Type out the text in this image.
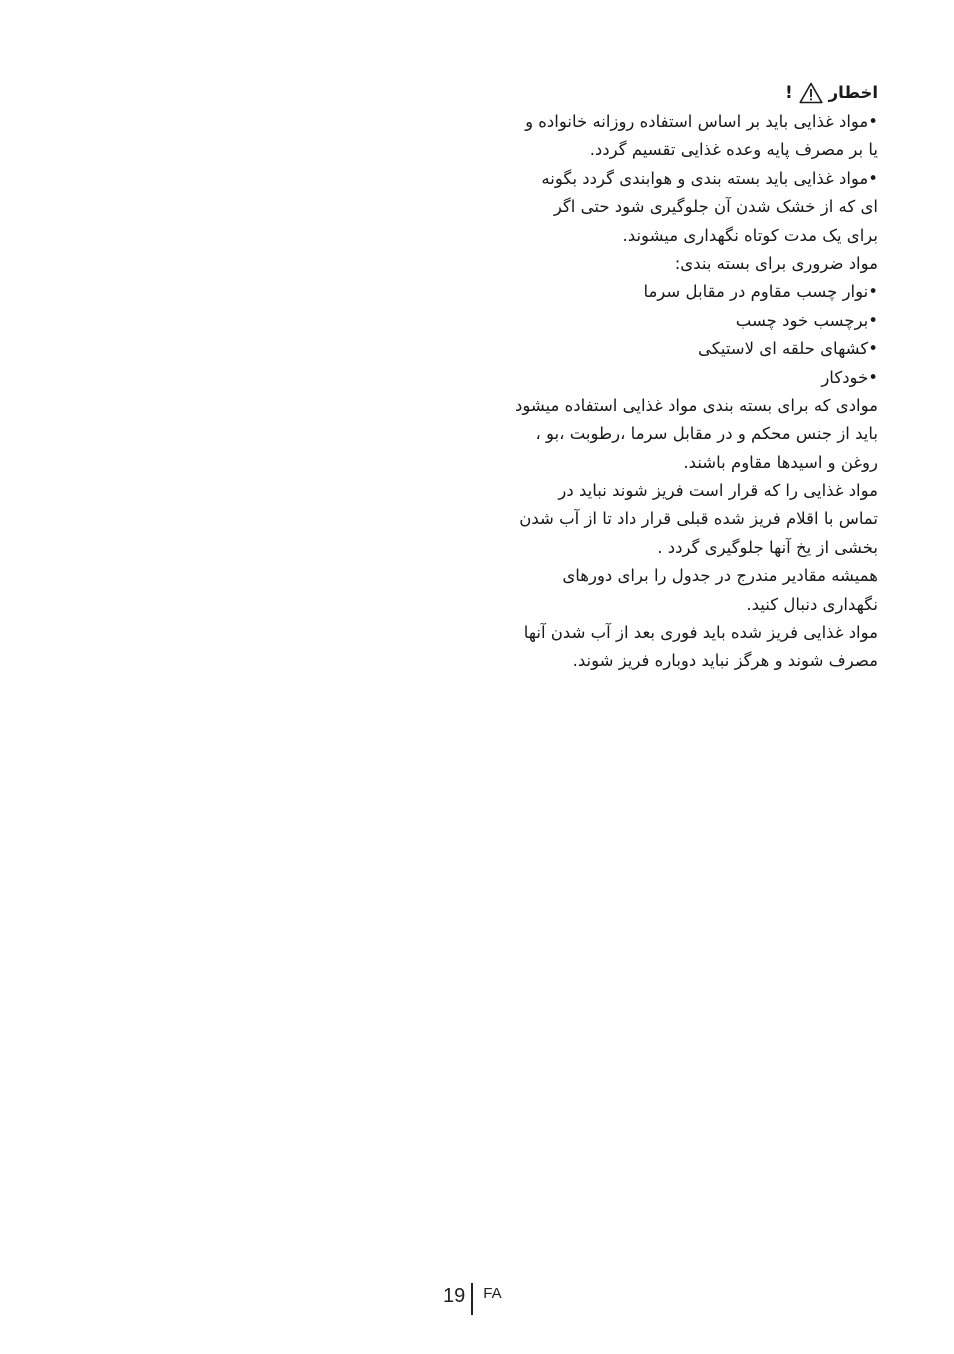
اخطار
!
•مواد غذایی باید بر اساس استفاده روزانه خانواده و
یا بر مصرف پایه وعده غذایی تقسیم گردد.
•مواد غذایی باید بسته بندی و هوابندی گردد بگونه
ای که از خشک شدن آن جلوگیری شود حتی اگر
برای یک مدت کوتاه نگهداری میشوند.
مواد ضروری برای بسته بندی:
•نوار چسب مقاوم در مقابل سرما
•برچسب خود چسب
•کشهای حلقه ای لاستیکی
•خودکار
موادی که برای بسته بندی مواد غذایی استفاده میشود
باید از جنس محکم و در مقابل سرما ،رطوبت ،بو ،
روغن و اسیدها مقاوم باشند.
مواد غذایی را که قرار است فریز شوند نباید در
تماس با اقلام فریز شده قبلی قرار داد تا از آب شدن
بخشی از یخ آنها جلوگیری گردد .
همیشه مقادیر مندرج در جدول را برای دورهای
نگهداری دنبال کنید.
مواد غذایی فریز شده باید فوری بعد از آب شدن آنها
مصرف شوند و هرگز نباید دوباره فریز شوند.
19 FA
